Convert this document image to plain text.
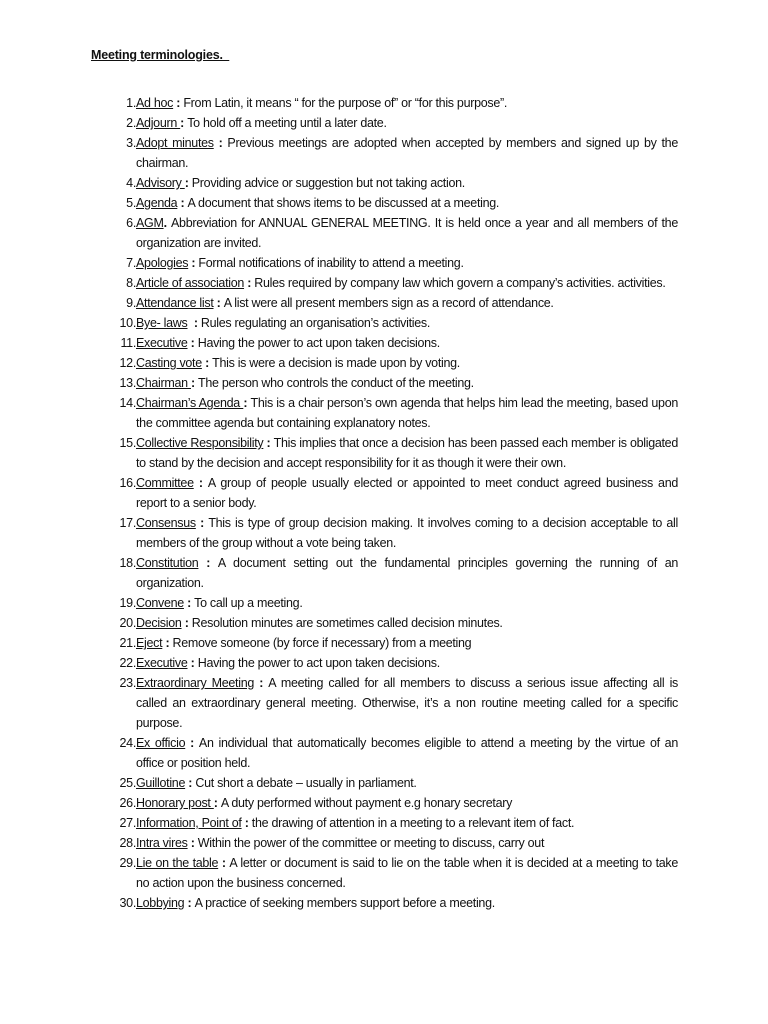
Meeting terminologies.
1. Ad hoc : From Latin, it means “ for the purpose of” or “for this purpose”.
2. Adjourn : To hold off a meeting until a later date.
3. Adopt minutes : Previous meetings are adopted when accepted by members and signed up by the chairman.
4. Advisory : Providing advice or suggestion but not taking action.
5. Agenda : A document that shows items to be discussed at a meeting.
6. AGM. Abbreviation for ANNUAL GENERAL MEETING. It is held once a year and all members of the organization are invited.
7. Apologies : Formal notifications of inability to attend a meeting.
8. Article of association : Rules required by company law which govern a company’s activities. activities.
9. Attendance list : A list were all present members sign as a record of attendance.
10. Bye- laws  : Rules regulating an organisation’s activities.
11. Executive : Having the power to act upon taken decisions.
12. Casting vote : This is were a decision is made upon by voting.
13. Chairman : The person who controls the conduct of the meeting.
14. Chairman’s Agenda : This is a chair person’s own agenda that helps him lead the meeting, based upon the committee agenda but containing explanatory notes.
15. Collective Responsibility : This implies that once a decision has been passed each member is obligated to stand by the decision and accept responsibility for it as though it were their own.
16. Committee : A group of people usually elected or appointed to meet conduct agreed business and report to a senior body.
17. Consensus : This is type of group decision making. It involves coming to a decision acceptable to all members of the group without a vote being taken.
18. Constitution : A document setting out the fundamental principles governing the running of an organization.
19. Convene : To call up a meeting.
20. Decision : Resolution minutes are sometimes called decision minutes.
21. Eject : Remove someone (by force if necessary) from a meeting
22. Executive : Having the power to act upon taken decisions.
23. Extraordinary Meeting : A meeting called for all members to discuss a serious issue affecting all is called an extraordinary general meeting. Otherwise, it’s a non routine meeting called for a specific purpose.
24. Ex officio : An individual that automatically becomes eligible to attend a meeting by the virtue of an office or position held.
25. Guillotine : Cut short a debate – usually in parliament.
26. Honorary post : A duty performed without payment e.g honary secretary
27. Information, Point of : the drawing of attention in a meeting to a relevant item of fact.
28. Intra vires : Within the power of the committee or meeting to discuss, carry out
29. Lie on the table : A letter or document is said to lie on the table when it is decided at a meeting to take no action upon the business concerned.
30. Lobbying : A practice of seeking members support before a meeting.
